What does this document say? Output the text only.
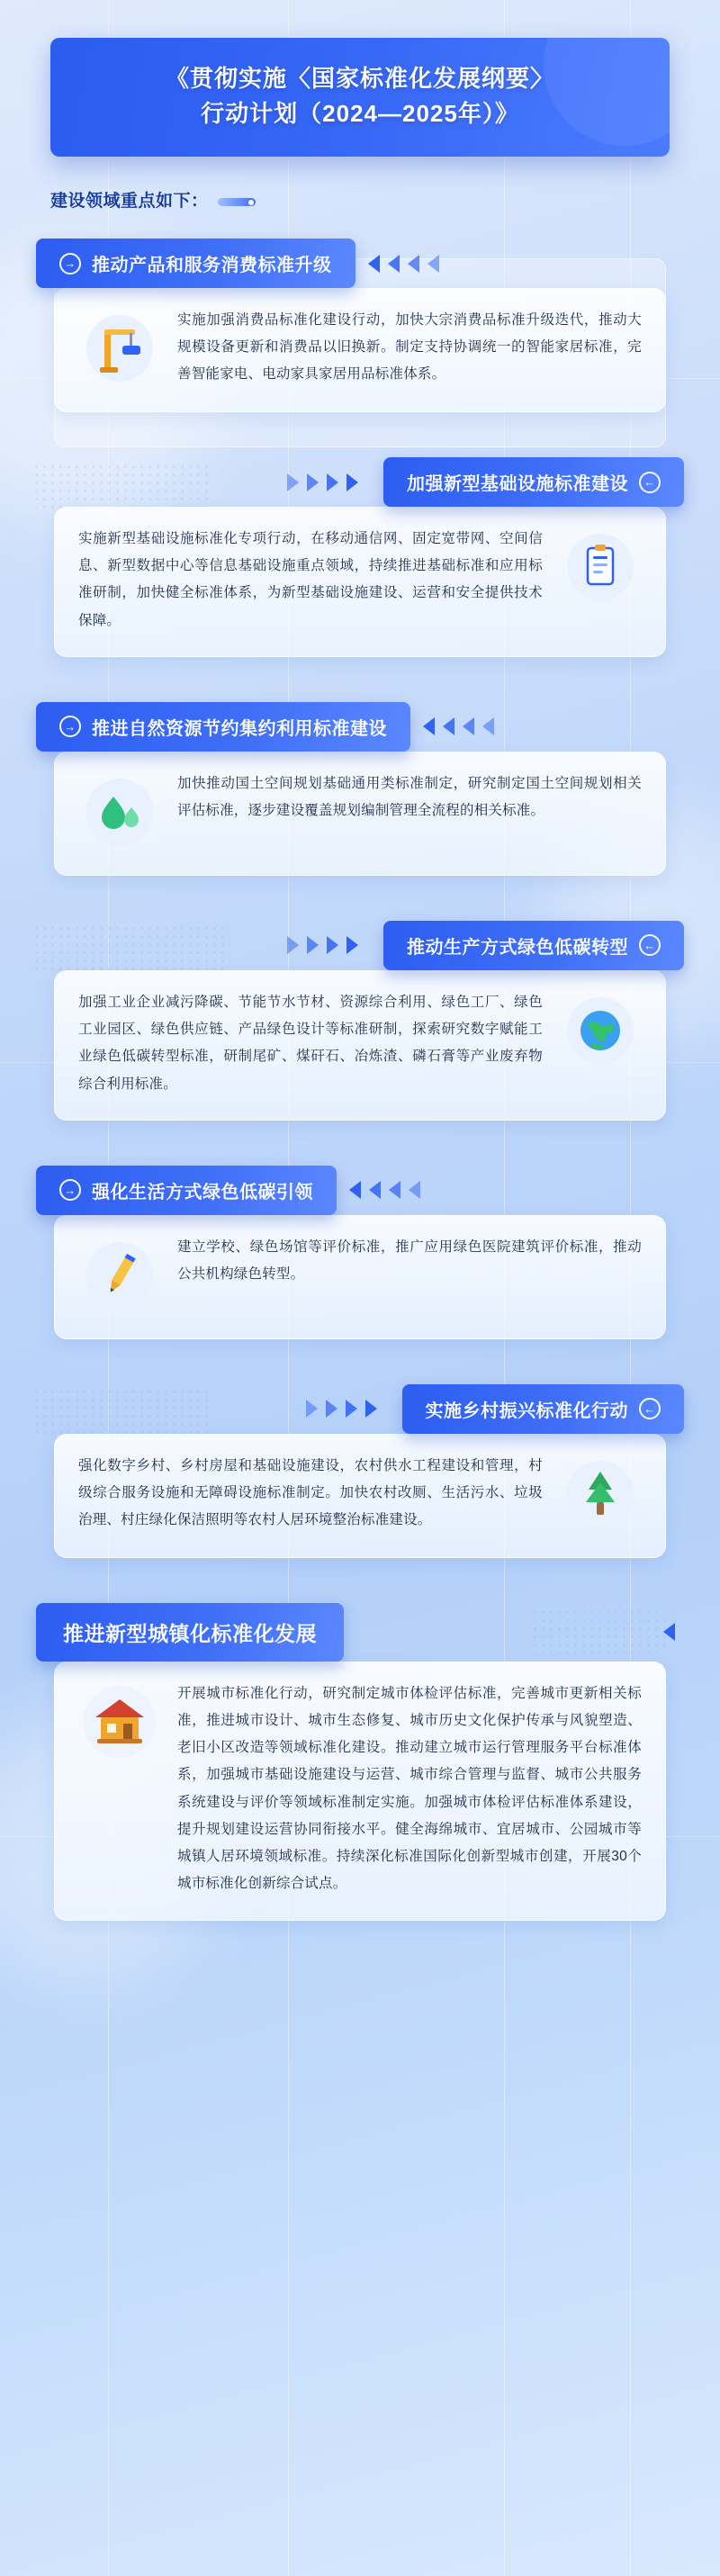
《贯彻实施〈国家标准化发展纲要〉
行动计划（2024—2025年）》
建设领域重点如下：
→ 推动产品和服务消费标准升级

实施加强消费品标准化建设行动，加快大宗消费品标准升级迭代，推动大规模设备更新和消费品以旧换新。制定支持协调统一的智能家居标准，完善智能家电、电动家具家居用品标准体系。

加强新型基础设施标准建设	←

实施新型基础设施标准化专项行动，在移动通信网、固定宽带网、空间信息、新型数据中心等信息基础设施重点领域，持续推进基础标准和应用标准研制，加快健全标准体系，为新型基础设施建设、运营和安全提供技术保障。

→ 推进自然资源节约集约利用标准建设

加快推动国土空间规划基础通用类标准制定，研究制定国土空间规划相关评估标准，逐步建设覆盖规划编制管理全流程的相关标准。

推动生产方式绿色低碳转型	←

加强工业企业减污降碳、节能节水节材、资源综合利用、绿色工厂、绿色工业园区、绿色供应链、产品绿色设计等标准研制，探索研究数字赋能工业绿色低碳转型标准，研制尾矿、煤矸石、冶炼渣、磷石膏等产业废弃物综合利用标准。

→ 强化生活方式绿色低碳引领

建立学校、绿色场馆等评价标准，推广应用绿色医院建筑评价标准，推动公共机构绿色转型。

实施乡村振兴标准化行动	←

强化数字乡村、乡村房屋和基础设施建设，农村供水工程建设和管理，村级综合服务设施和无障碍设施标准制定。加快农村改厕、生活污水、垃圾治理、村庄绿化保洁照明等农村人居环境整治标准建设。

推进新型城镇化标准化发展

开展城市标准化行动，研究制定城市体检评估标准，完善城市更新相关标准，推进城市设计、城市生态修复、城市历史文化保护传承与风貌塑造、老旧小区改造等领域标准化建设。推动建立城市运行管理服务平台标准体系，加强城市基础设施建设与运营、城市综合管理与监督、城市公共服务系统建设与评价等领域标准制定实施。加强城市体检评估标准体系建设，提升规划建设运营协同衔接水平。健全海绵城市、宜居城市、公园城市等城镇人居环境领域标准。持续深化标准国际化创新型城市创建，开展30个城市标准化创新综合试点。
